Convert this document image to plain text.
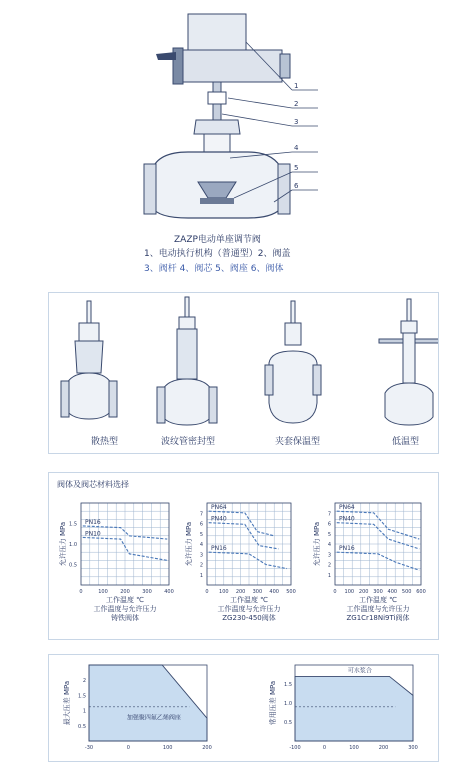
1
2
3
4
5
6
ZAZP电动单座调节阀
1、电动执行机构（普通型）2、阀盖
3、阀杆 4、阀芯 5、阀座 6、阀体
散热型	波纹管密封型	夹套保温型	低温型
阀体及阀芯材料选择
PN16
PN10
1.5
1.0
0.5
0	100 200 300 400
允许压力 MPa
工作温度 ℃
工作温度与允许压力
铸铁阀体
PN64
PN40
PN16
7
6
5
4
3
2
1
0 100 200 300 400 500
允许压力 MPa
工作温度 ℃
工作温度与允许压力
ZG230-450阀体
PN64
PN40
PN16
7
6
5
4
3
2
1
0 100 200 300 400 500 600
允许压力 MPa
工作温度 ℃
工作温度与允许压力
ZG1Cr18Ni9Ti阀体
2
1.5
1
0.5
-30	0	100	200
最大压差 MPa	加强聚四氟乙烯阀座
1.5
1.0
0.5
-100	0	100	200	300
常用压差 MPa
可水浆合
